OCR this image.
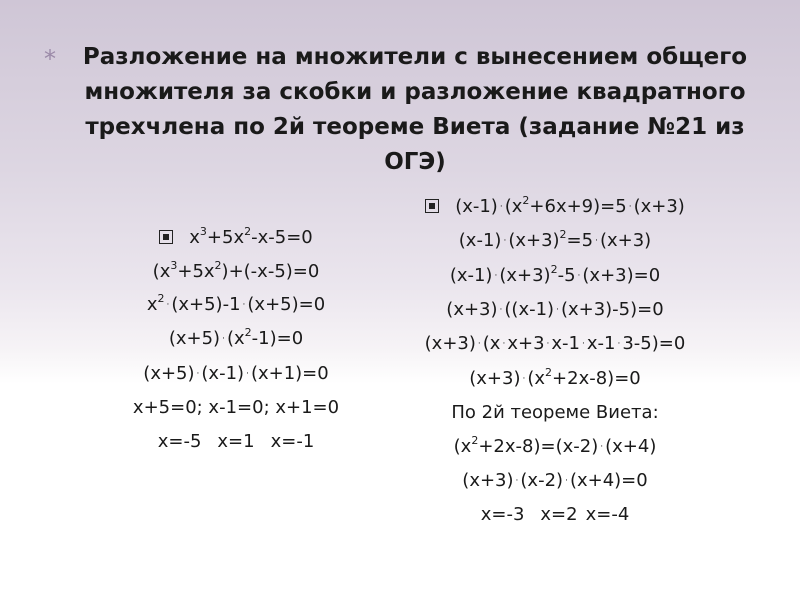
*	Разложение на множители с вынесением общего множителя за скобки и разложение квадратного трехчлена по 2й теореме Виета (задание №21 из ОГЭ)
$x^3+5x^2-x-5=0$
$(x^3+5x^2)+(-x-5)=0$
$x^2\cdot (x+5)-1 \cdot (x+5)=0$
$(x+5) \cdot (x^2-1)=0$
(x+5) · (x-1) · (x+1)=0
x+5=0; x-1=0; x+1=0
x=-5 x=1 x=-1
$(x-1) \cdot (x^2+6x+9)=5 \cdot (x+3)$
$(x-1) \cdot (x+3)^2=5 \cdot (x+3)$
$(x-1) \cdot (x+3)^2-5 \cdot (x+3)=0$
(x+3) · ((x-1) · (x+3)-5)=0
(x+3) · (x · x+3 · x-1 · x-1 · 3-5)=0
$(x+3) \cdot (x^2+2x-8)=0$
По 2й теореме Виета:
$(x^2+2x-8)=(x-2) \cdot (x+4)$
(x+3) · (x-2) · (x+4)=0
x=-3 x=2 x=-4
